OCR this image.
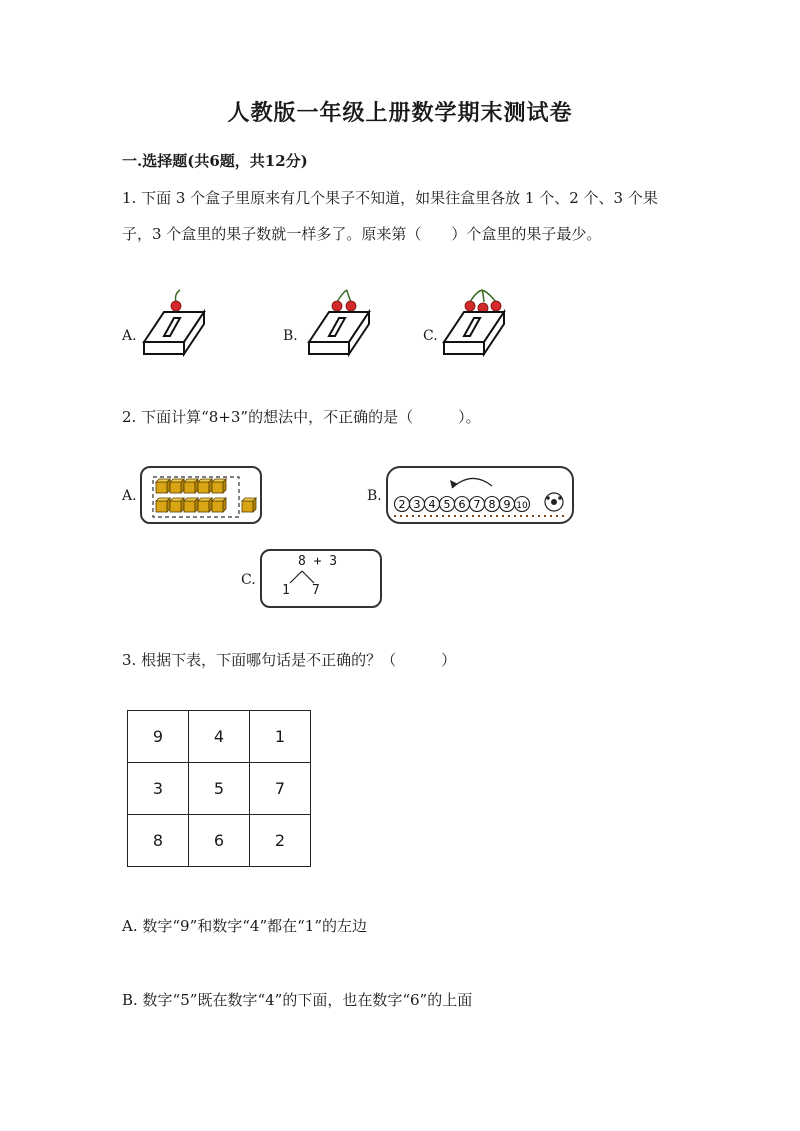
人教版一年级上册数学期末测试卷
一.选择题(共6题，共12分)
1. 下面 3 个盒子里原来有几个果子不知道，如果往盒里各放 1 个、2 个、3 个果
子，3 个盒里的果子数就一样多了。原来第（　　）个盒里的果子最少。
A.	B.	C.
2. 下面计算“8+3”的想法中，不正确的是（　　　）。
A.	B.
2 3 4 5 6 7 8 9 10
C.
8 + 3
1 7
3. 根据下表，下面哪句话是不正确的？（　　　）
9	4	1
3	5	7
8	6	2
A. 数字“9”和数字“4”都在“1”的左边
B. 数字“5”既在数字“4”的下面，也在数字“6”的上面
